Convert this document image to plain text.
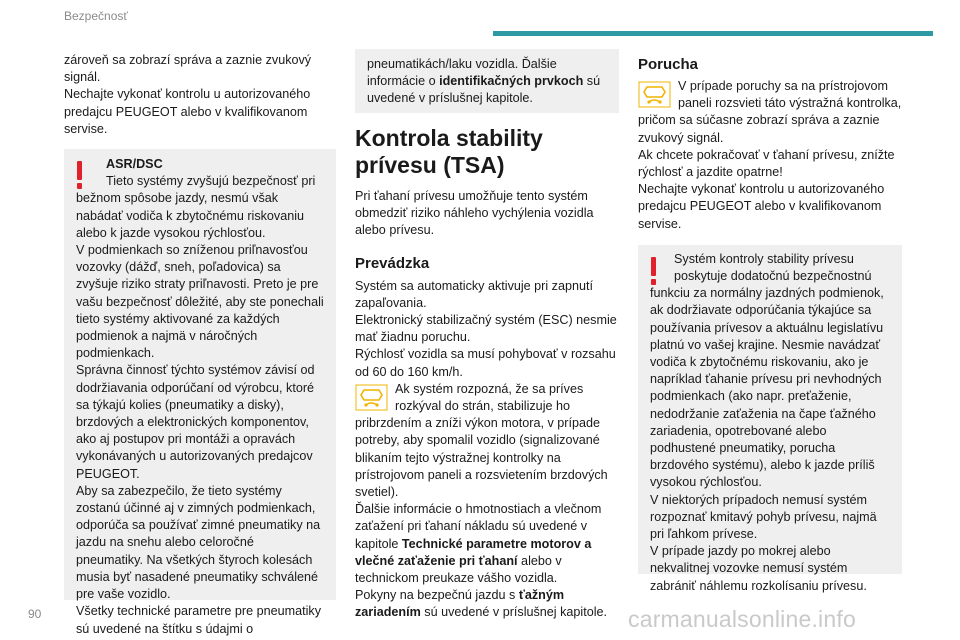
Bezpečnosť

zároveň sa zobrazí správa a zaznie zvukový signál.
Nechajte vykonať kontrolu u autorizovaného predajcu PEUGEOT alebo v kvalifikovanom servise.

ASR/DSC
Tieto systémy zvyšujú bezpečnosť pri

bežnom spôsobe jazdy, nesmú však nabádať vodiča k zbytočnému riskovaniu alebo k jazde vysokou rýchlosťou.
V podmienkach so zníženou priľnavosťou vozovky (dážď, sneh, poľadovica) sa zvyšuje riziko straty priľnavosti. Preto je pre vašu bezpečnosť dôležité, aby ste ponechali tieto systémy aktivované za každých podmienok a najmä v náročných podmienkach.
Správna činnosť týchto systémov závisí od dodržiavania odporúčaní od výrobcu, ktoré sa týkajú kolies (pneumatiky a disky), brzdových a elektronických komponentov, ako aj postupov pri montáži a opravách vykonávaných u autorizovaných predajcov PEUGEOT.
Aby sa zabezpečilo, že tieto systémy zostanú účinné aj v zimných podmienkach, odporúča sa používať zimné pneumatiky na jazdu na snehu alebo celoročné pneumatiky. Na všetkých štyroch kolesách musia byť nasadené pneumatiky schválené pre vaše vozidlo.
Všetky technické parametre pre pneumatiky sú uvedené na štítku s údajmi o

pneumatikách/laku vozidla. Ďalšie informácie o identifikačných prvkoch sú uvedené v príslušnej kapitole.
Kontrola stability prívesu (TSA)

Pri ťahaní prívesu umožňuje tento systém obmedziť riziko náhleho vychýlenia vozidla alebo prívesu.

Prevádzka

Systém sa automaticky aktivuje pri zapnutí zapaľovania.
Elektronický stabilizačný systém (ESC) nesmie mať žiadnu poruchu.
Rýchlosť vozidla sa musí pohybovať v rozsahu od 60 do 160 km/h.

Ak systém rozpozná, že sa príves
rozkýval do strán, stabilizuje ho

pribrzdením a zníži výkon motora, v prípade potreby, aby spomalil vozidlo (signalizované blikaním tejto výstražnej kontrolky na prístrojovom paneli a rozsvietením brzdových svetiel).
Ďalšie informácie o hmotnostiach a vlečnom zaťažení pri ťahaní nákladu sú uvedené v kapitole Technické parametre motorov a vlečné zaťaženie pri ťahaní alebo v technickom preukaze vášho vozidla.
Pokyny na bezpečnú jazdu s ťažným zariadením sú uvedené v príslušnej kapitole.

Porucha
V prípade poruchy sa na prístrojovom
paneli rozsvieti táto výstražná kontrolka,

pričom sa súčasne zobrazí správa a zaznie zvukový signál.
Ak chcete pokračovať v ťahaní prívesu, znížte rýchlosť a jazdite opatrne!
Nechajte vykonať kontrolu u autorizovaného predajcu PEUGEOT alebo v kvalifikovanom servise.

Systém kontroly stability prívesu
poskytuje dodatočnú bezpečnostnú

funkciu za normálny jazdných podmienok, ak dodržiavate odporúčania týkajúce sa používania prívesov a aktuálnu legislatívu platnú vo vašej krajine. Nesmie navádzať vodiča k zbytočnému riskovaniu, ako je napríklad ťahanie prívesu pri nevhodných podmienkach (ako napr. preťaženie, nedodržanie zaťaženia na čape ťažného zariadenia, opotrebované alebo podhustené pneumatiky, porucha brzdového systému), alebo k jazde príliš vysokou rýchlosťou.
V niektorých prípadoch nemusí systém rozpoznať kmitavý pohyb prívesu, najmä pri ľahkom prívese.
V prípade jazdy po mokrej alebo nekvalitnej vozovke nemusí systém zabrániť náhlemu rozkolísaniu prívesu.

90	carmanualsonline.info
